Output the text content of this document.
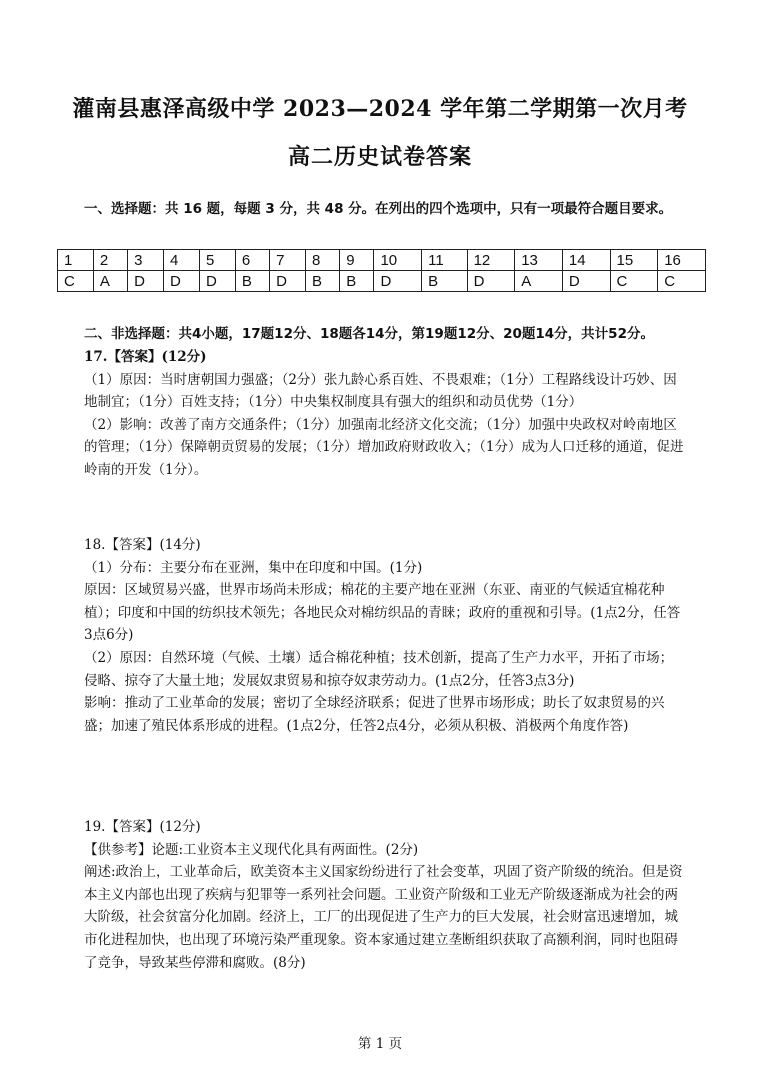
灌南县惠泽高级中学 2023—2024 学年第二学期第一次月考
高二历史试卷答案
一、选择题：共 16 题，每题 3 分，共 48 分。在列出的四个选项中，只有一项最符合题目要求。
1	2	3	4	5	6	7	8	9	10	11	12	13	14	15	16
C	A	D	D	D	B	D	B	B	D	B	D	A	D	C	C
二、非选择题：共4小题，17题12分、18题各14分，第19题12分、20题14分，共计52分。

17.【答案】(12分)

（1）原因：当时唐朝国力强盛；（2分）张九龄心系百姓、不畏艰难；（1分）工程路线设计巧妙、因地制宜；（1分）百姓支持；（1分）中央集权制度具有强大的组织和动员优势（1分）

（2）影响：改善了南方交通条件；（1分）加强南北经济文化交流；（1分）加强中央政权对岭南地区的管理；（1分）保障朝贡贸易的发展；（1分）增加政府财政收入；（1分）成为人口迁移的通道，促进岭南的开发（1分）。

18.【答案】(14分)

（1）分布：主要分布在亚洲，集中在印度和中国。(1分)

原因：区域贸易兴盛，世界市场尚未形成；棉花的主要产地在亚洲（东亚、南亚的气候适宜棉花种植）；印度和中国的纺织技术领先；各地民众对棉纺织品的青睐；政府的重视和引导。(1点2分，任答3点6分)

（2）原因：自然环境（气候、土壤）适合棉花种植；技术创新，提高了生产力水平，开拓了市场；侵略、掠夺了大量土地；发展奴隶贸易和掠夺奴隶劳动力。(1点2分，任答3点3分)

影响：推动了工业革命的发展；密切了全球经济联系；促进了世界市场形成；助长了奴隶贸易的兴盛；加速了殖民体系形成的进程。(1点2分，任答2点4分，必须从积极、消极两个角度作答)

19.【答案】(12分)

【供参考】论题:工业资本主义现代化具有两面性。(2分)

阐述:政治上，工业革命后，欧美资本主义国家纷纷进行了社会变革，巩固了资产阶级的统治。但是资本主义内部也出现了疾病与犯罪等一系列社会问题。工业资产阶级和工业无产阶级逐渐成为社会的两大阶级，社会贫富分化加剧。经济上，工厂的出现促进了生产力的巨大发展，社会财富迅速增加，城市化进程加快，也出现了环境污染严重现象。资本家通过建立垄断组织获取了高额利润，同时也阻碍了竞争，导致某些停滞和腐败。(8分)

第 1 页
